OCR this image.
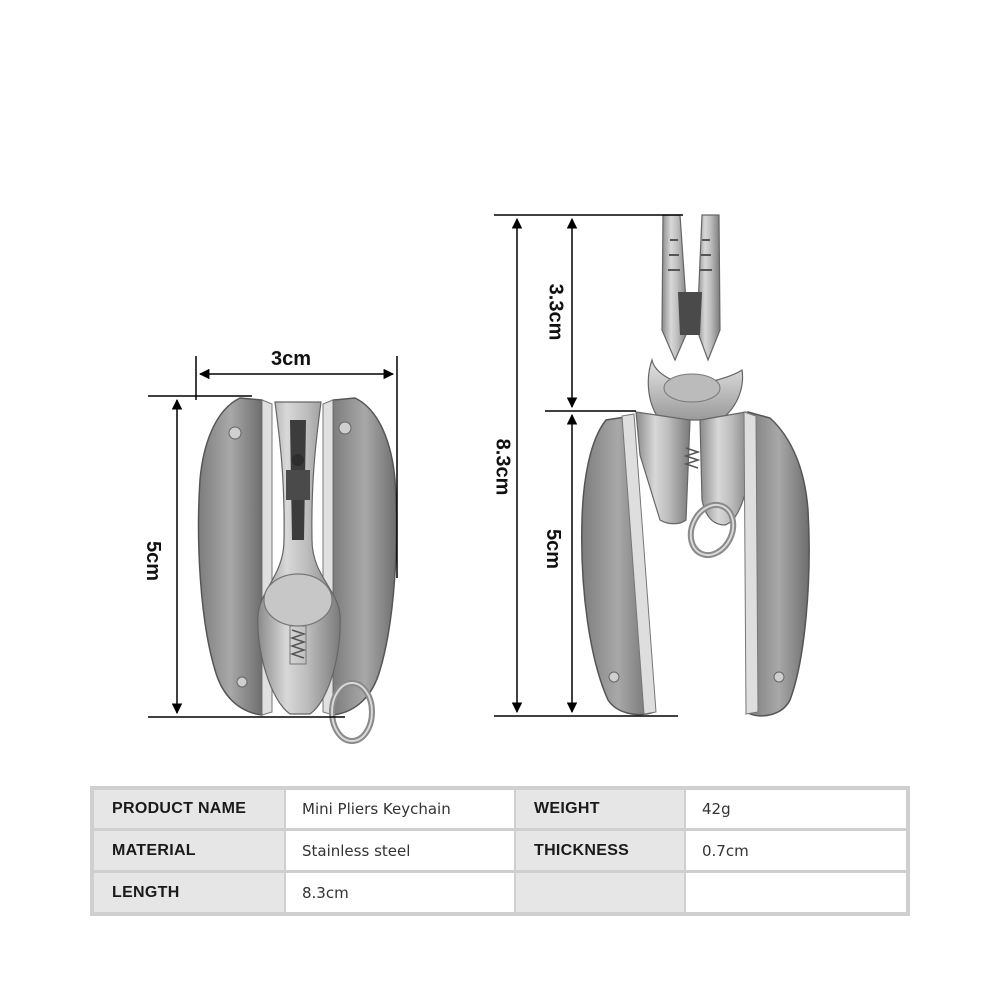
3cm
5cm
8.3cm
3.3cm
5cm
PRODUCT NAME	Mini Pliers Keychain	WEIGHT	42g
MATERIAL	Stainless steel	THICKNESS	0.7cm
LENGTH	8.3cm
